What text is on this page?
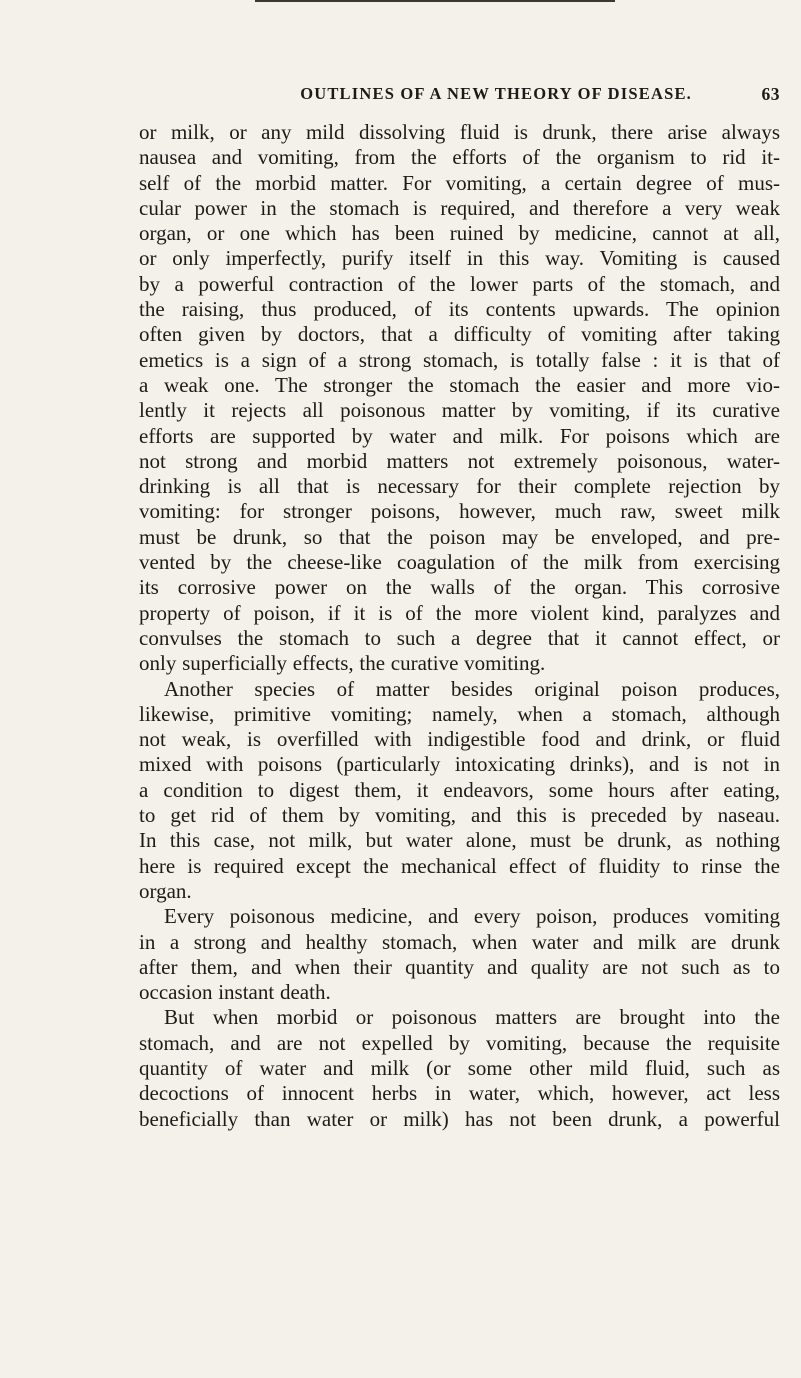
OUTLINES OF A NEW THEORY OF DISEASE.	63

or milk, or any mild dissolving fluid is drunk, there arise always
nausea and vomiting, from the efforts of the organism to rid it-
self of the morbid matter. For vomiting, a certain degree of mus-
cular power in the stomach is required, and therefore a very weak
organ, or one which has been ruined by medicine, cannot at all,
or only imperfectly, purify itself in this way. Vomiting is caused
by a powerful contraction of the lower parts of the stomach, and
the raising, thus produced, of its contents upwards. The opinion
often given by doctors, that a difficulty of vomiting after taking
emetics is a sign of a strong stomach, is totally false : it is that of
a weak one. The stronger the stomach the easier and more vio-
lently it rejects all poisonous matter by vomiting, if its curative
efforts are supported by water and milk. For poisons which are
not strong and morbid matters not extremely poisonous, water-
drinking is all that is necessary for their complete rejection by
vomiting: for stronger poisons, however, much raw, sweet milk
must be drunk, so that the poison may be enveloped, and pre-
vented by the cheese-like coagulation of the milk from exercising
its corrosive power on the walls of the organ. This corrosive
property of poison, if it is of the more violent kind, paralyzes and
convulses the stomach to such a degree that it cannot effect, or
only superficially effects, the curative vomiting.

Another species of matter besides original poison produces,
likewise, primitive vomiting; namely, when a stomach, although
not weak, is overfilled with indigestible food and drink, or fluid
mixed with poisons (particularly intoxicating drinks), and is not in
a condition to digest them, it endeavors, some hours after eating,
to get rid of them by vomiting, and this is preceded by naseau.
In this case, not milk, but water alone, must be drunk, as nothing
here is required except the mechanical effect of fluidity to rinse the
organ.

Every poisonous medicine, and every poison, produces vomiting
in a strong and healthy stomach, when water and milk are drunk
after them, and when their quantity and quality are not such as to
occasion instant death.

But when morbid or poisonous matters are brought into the
stomach, and are not expelled by vomiting, because the requisite
quantity of water and milk (or some other mild fluid, such as
decoctions of innocent herbs in water, which, however, act less
beneficially than water or milk) has not been drunk, a powerful
